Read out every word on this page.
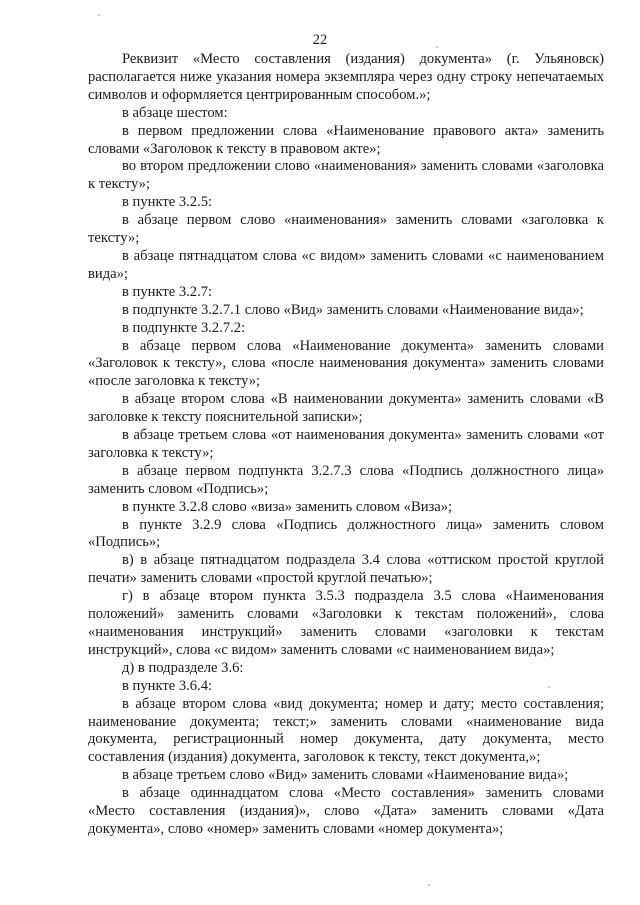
22

Реквизит «Место составления (издания) документа» (г. Ульяновск) располагается ниже указания номера экземпляра через одну строку непечатаемых символов и оформляется центрированным способом.»;

в абзаце шестом:

в первом предложении слова «Наименование правового акта» заменить словами «Заголовок к тексту в правовом акте»;

во втором предложении слово «наименования» заменить словами «заголовка к тексту»;

в пункте 3.2.5:

в абзаце первом слово «наименования» заменить словами «заголовка к тексту»;

в абзаце пятнадцатом слова «с видом» заменить словами «с наименованием вида»;

в пункте 3.2.7:

в подпункте 3.2.7.1 слово «Вид» заменить словами «Наименование вида»;

в подпункте 3.2.7.2:

в абзаце первом слова «Наименование документа» заменить словами «Заголовок к тексту», слова «после наименования документа» заменить словами «после заголовка к тексту»;

в абзаце втором слова «В наименовании документа» заменить словами «В заголовке к тексту пояснительной записки»;

в абзаце третьем слова «от наименования документа» заменить словами «от заголовка к тексту»;

в абзаце первом подпункта 3.2.7.3 слова «Подпись должностного лица» заменить словом «Подпись»;

в пункте 3.2.8 слово «виза» заменить словом «Виза»;

в пункте 3.2.9 слова «Подпись должностного лица» заменить словом «Подпись»;

в) в абзаце пятнадцатом подраздела 3.4 слова «оттиском простой круглой печати» заменить словами «простой круглой печатью»;

г) в абзаце втором пункта 3.5.3 подраздела 3.5 слова «Наименования положений» заменить словами «Заголовки к текстам положений», слова «наименования инструкций» заменить словами «заголовки к текстам инструкций», слова «с видом» заменить словами «с наименованием вида»;

д) в подразделе 3.6:

в пункте 3.6.4:

в абзаце втором слова «вид документа; номер и дату; место составления; наименование документа; текст;» заменить словами «наименование вида документа, регистрационный номер документа, дату документа, место составления (издания) документа, заголовок к тексту, текст документа,»;

в абзаце третьем слово «Вид» заменить словами «Наименование вида»;

в абзаце одиннадцатом слова «Место составления» заменить словами «Место составления (издания)», слово «Дата» заменить словами «Дата документа», слово «номер» заменить словами «номер документа»;
